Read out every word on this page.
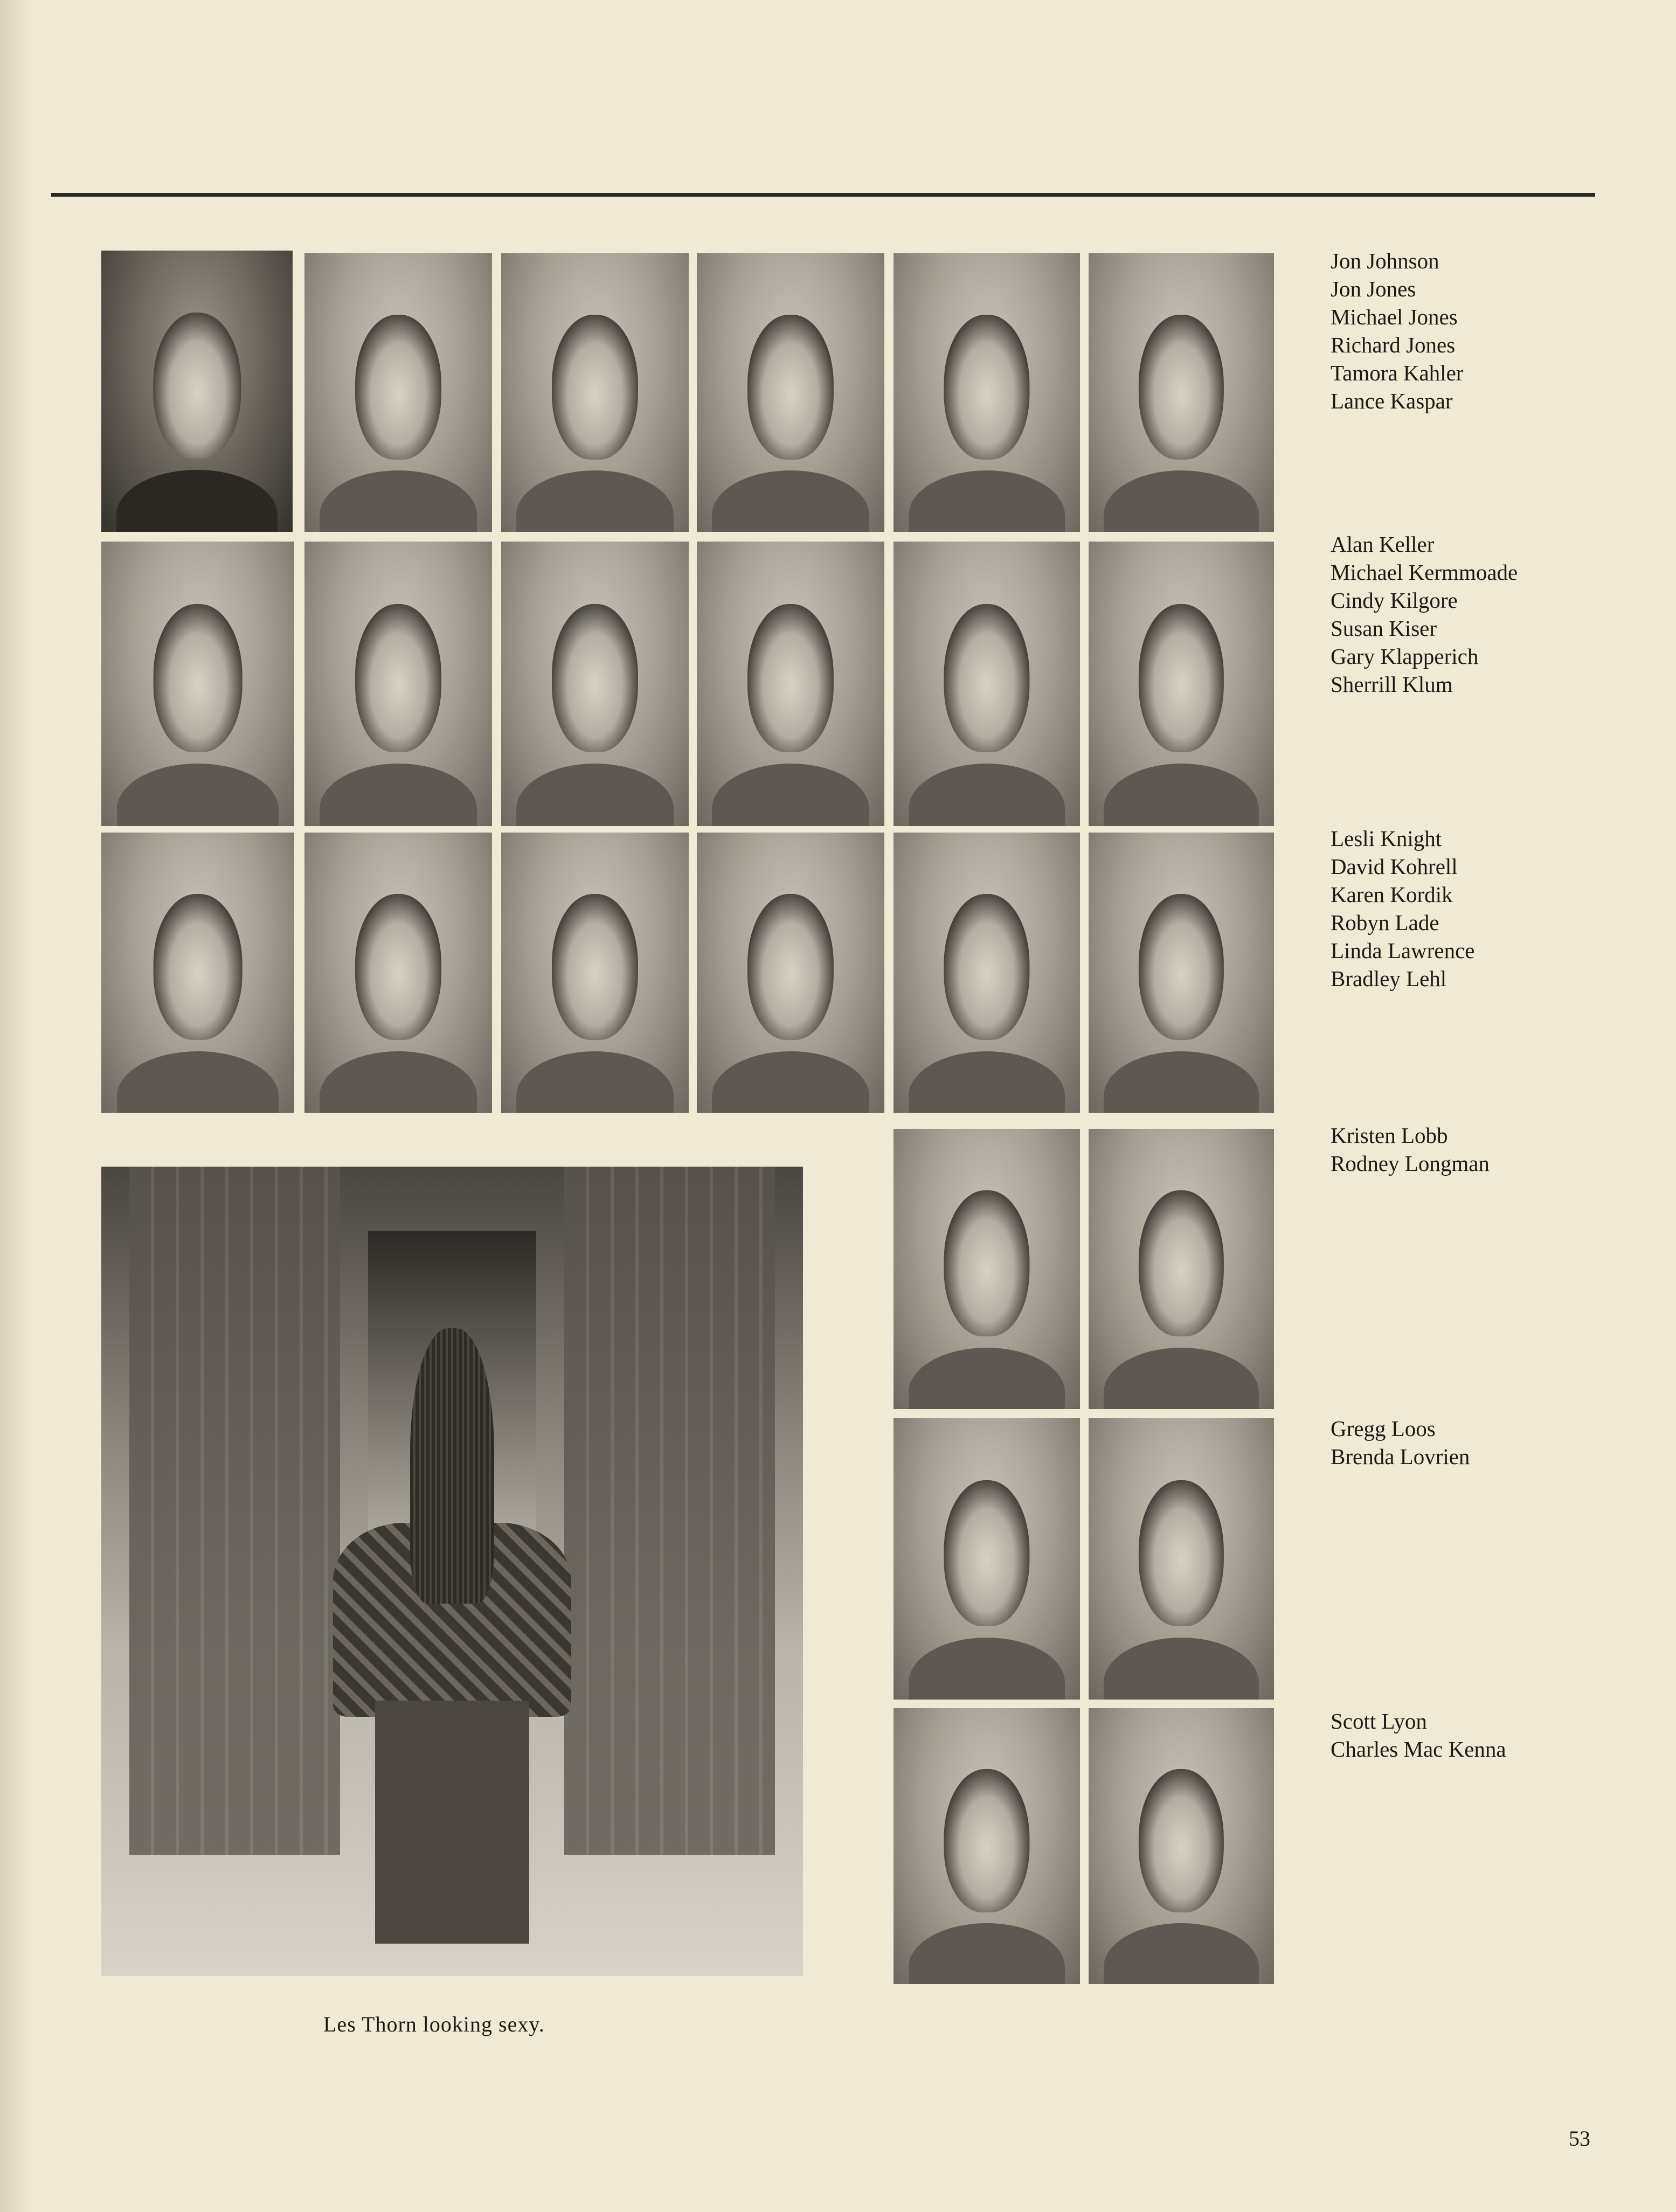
Les Thorn looking sexy.
Jon Johnson
Jon Jones
Michael Jones
Richard Jones
Tamora Kahler
Lance Kaspar
Alan Keller
Michael Kermmoade
Cindy Kilgore
Susan Kiser
Gary Klapperich
Sherrill Klum
Lesli Knight
David Kohrell
Karen Kordik
Robyn Lade
Linda Lawrence
Bradley Lehl
Kristen Lobb
Rodney Longman
Gregg Loos
Brenda Lovrien
Scott Lyon
Charles Mac Kenna
53
